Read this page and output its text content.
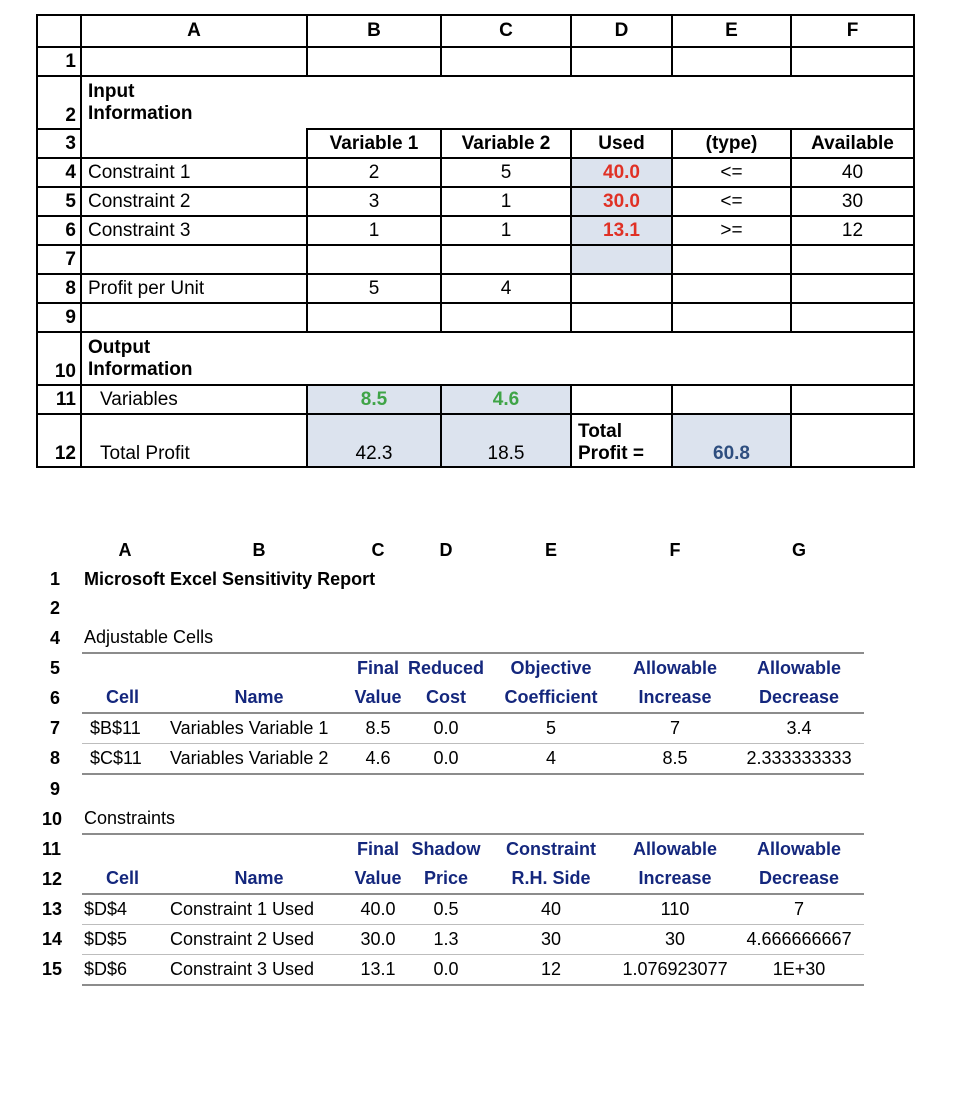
	A	B	C	D	E	F
1						
2	Input
Information					

3		Variable 1	Variable 2	Used	(type)	Available
4	Constraint 1	2	5	40.0	<=	40
5	Constraint 2	3	1	30.0	<=	30
6	Constraint 3	1	1	13.1	>=	12
7						
8	Profit per Unit	5	4			
9						
10	Output
Information					

11	Variables	8.5	4.6			
12	Total Profit	42.3	18.5	Total
Profit =	60.8	
	A	B	C	D	E	F	G
1	Microsoft Excel Sensitivity Report						
2							
4	Adjustable Cells						
5			Final	Reduced	Objective	Allowable	Allowable
6	Cell	Name	Value	Cost	Coefficient	Increase	Decrease
7	$B$11	Variables Variable 1	8.5	0.0	5	7	3.4
8	$C$11	Variables Variable 2	4.6	0.0	4	8.5	2.333333333
9							
10	Constraints						
11			Final	Shadow	Constraint	Allowable	Allowable
12	Cell	Name	Value	Price	R.H. Side	Increase	Decrease
13	$D$4	Constraint 1 Used	40.0	0.5	40	110	7
14	$D$5	Constraint 2 Used	30.0	1.3	30	30	4.666666667
15	$D$6	Constraint 3 Used	13.1	0.0	12	1.076923077	1E+30
